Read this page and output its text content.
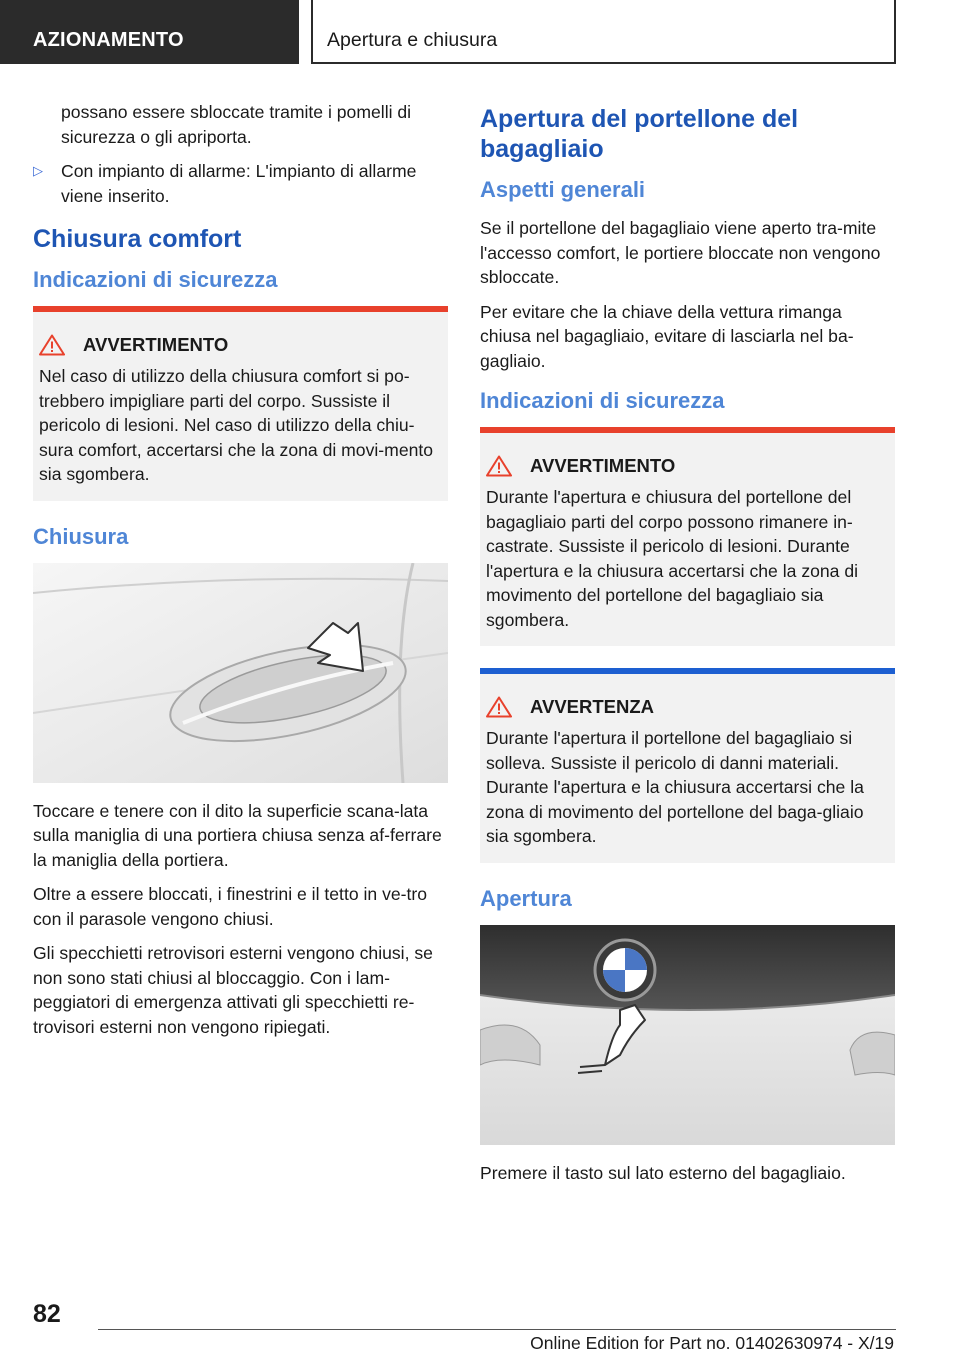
AZIONAMENTO	Apertura e chiusura

possano essere sbloccate tramite i pomelli di sicurezza o gli apriporta.

▷ Con impianto di allarme: L'impianto di allarme viene inserito.
Chiusura comfort
Indicazioni di sicurezza
AVVERTIMENTO
Nel caso di utilizzo della chiusura comfort si po-trebbero impigliare parti del corpo. Sussiste il pericolo di lesioni. Nel caso di utilizzo della chiu-sura comfort, accertarsi che la zona di movi-mento sia sgombera.
Chiusura

Toccare e tenere con il dito la superficie scana-lata sulla maniglia di una portiera chiusa senza af-ferrare la maniglia della portiera.

Oltre a essere bloccati, i finestrini e il tetto in ve-tro con il parasole vengono chiusi.

Gli specchietti retrovisori esterni vengono chiusi, se non sono stati chiusi al bloccaggio. Con i lam-peggiatori di emergenza attivati gli specchietti re-trovisori esterni non vengono ripiegati.

Apertura del portellone del bagagliaio
Aspetti generali

Se il portellone del bagagliaio viene aperto tra-mite l'accesso comfort, le portiere bloccate non vengono sbloccate.

Per evitare che la chiave della vettura rimanga chiusa nel bagagliaio, evitare di lasciarla nel ba-gagliaio.

Indicazioni di sicurezza
AVVERTIMENTO
Durante l'apertura e chiusura del portellone del bagagliaio parti del corpo possono rimanere in-castrate. Sussiste il pericolo di lesioni. Durante l'apertura e la chiusura accertarsi che la zona di movimento del portellone del bagagliaio sia sgombera.
AVVERTENZA
Durante l'apertura il portellone del bagagliaio si solleva. Sussiste il pericolo di danni materiali. Durante l'apertura e la chiusura accertarsi che la zona di movimento del portellone del baga-gliaio sia sgombera.
Apertura

Premere il tasto sul lato esterno del bagagliaio.

82
Online Edition for Part no. 01402630974 - X/19
